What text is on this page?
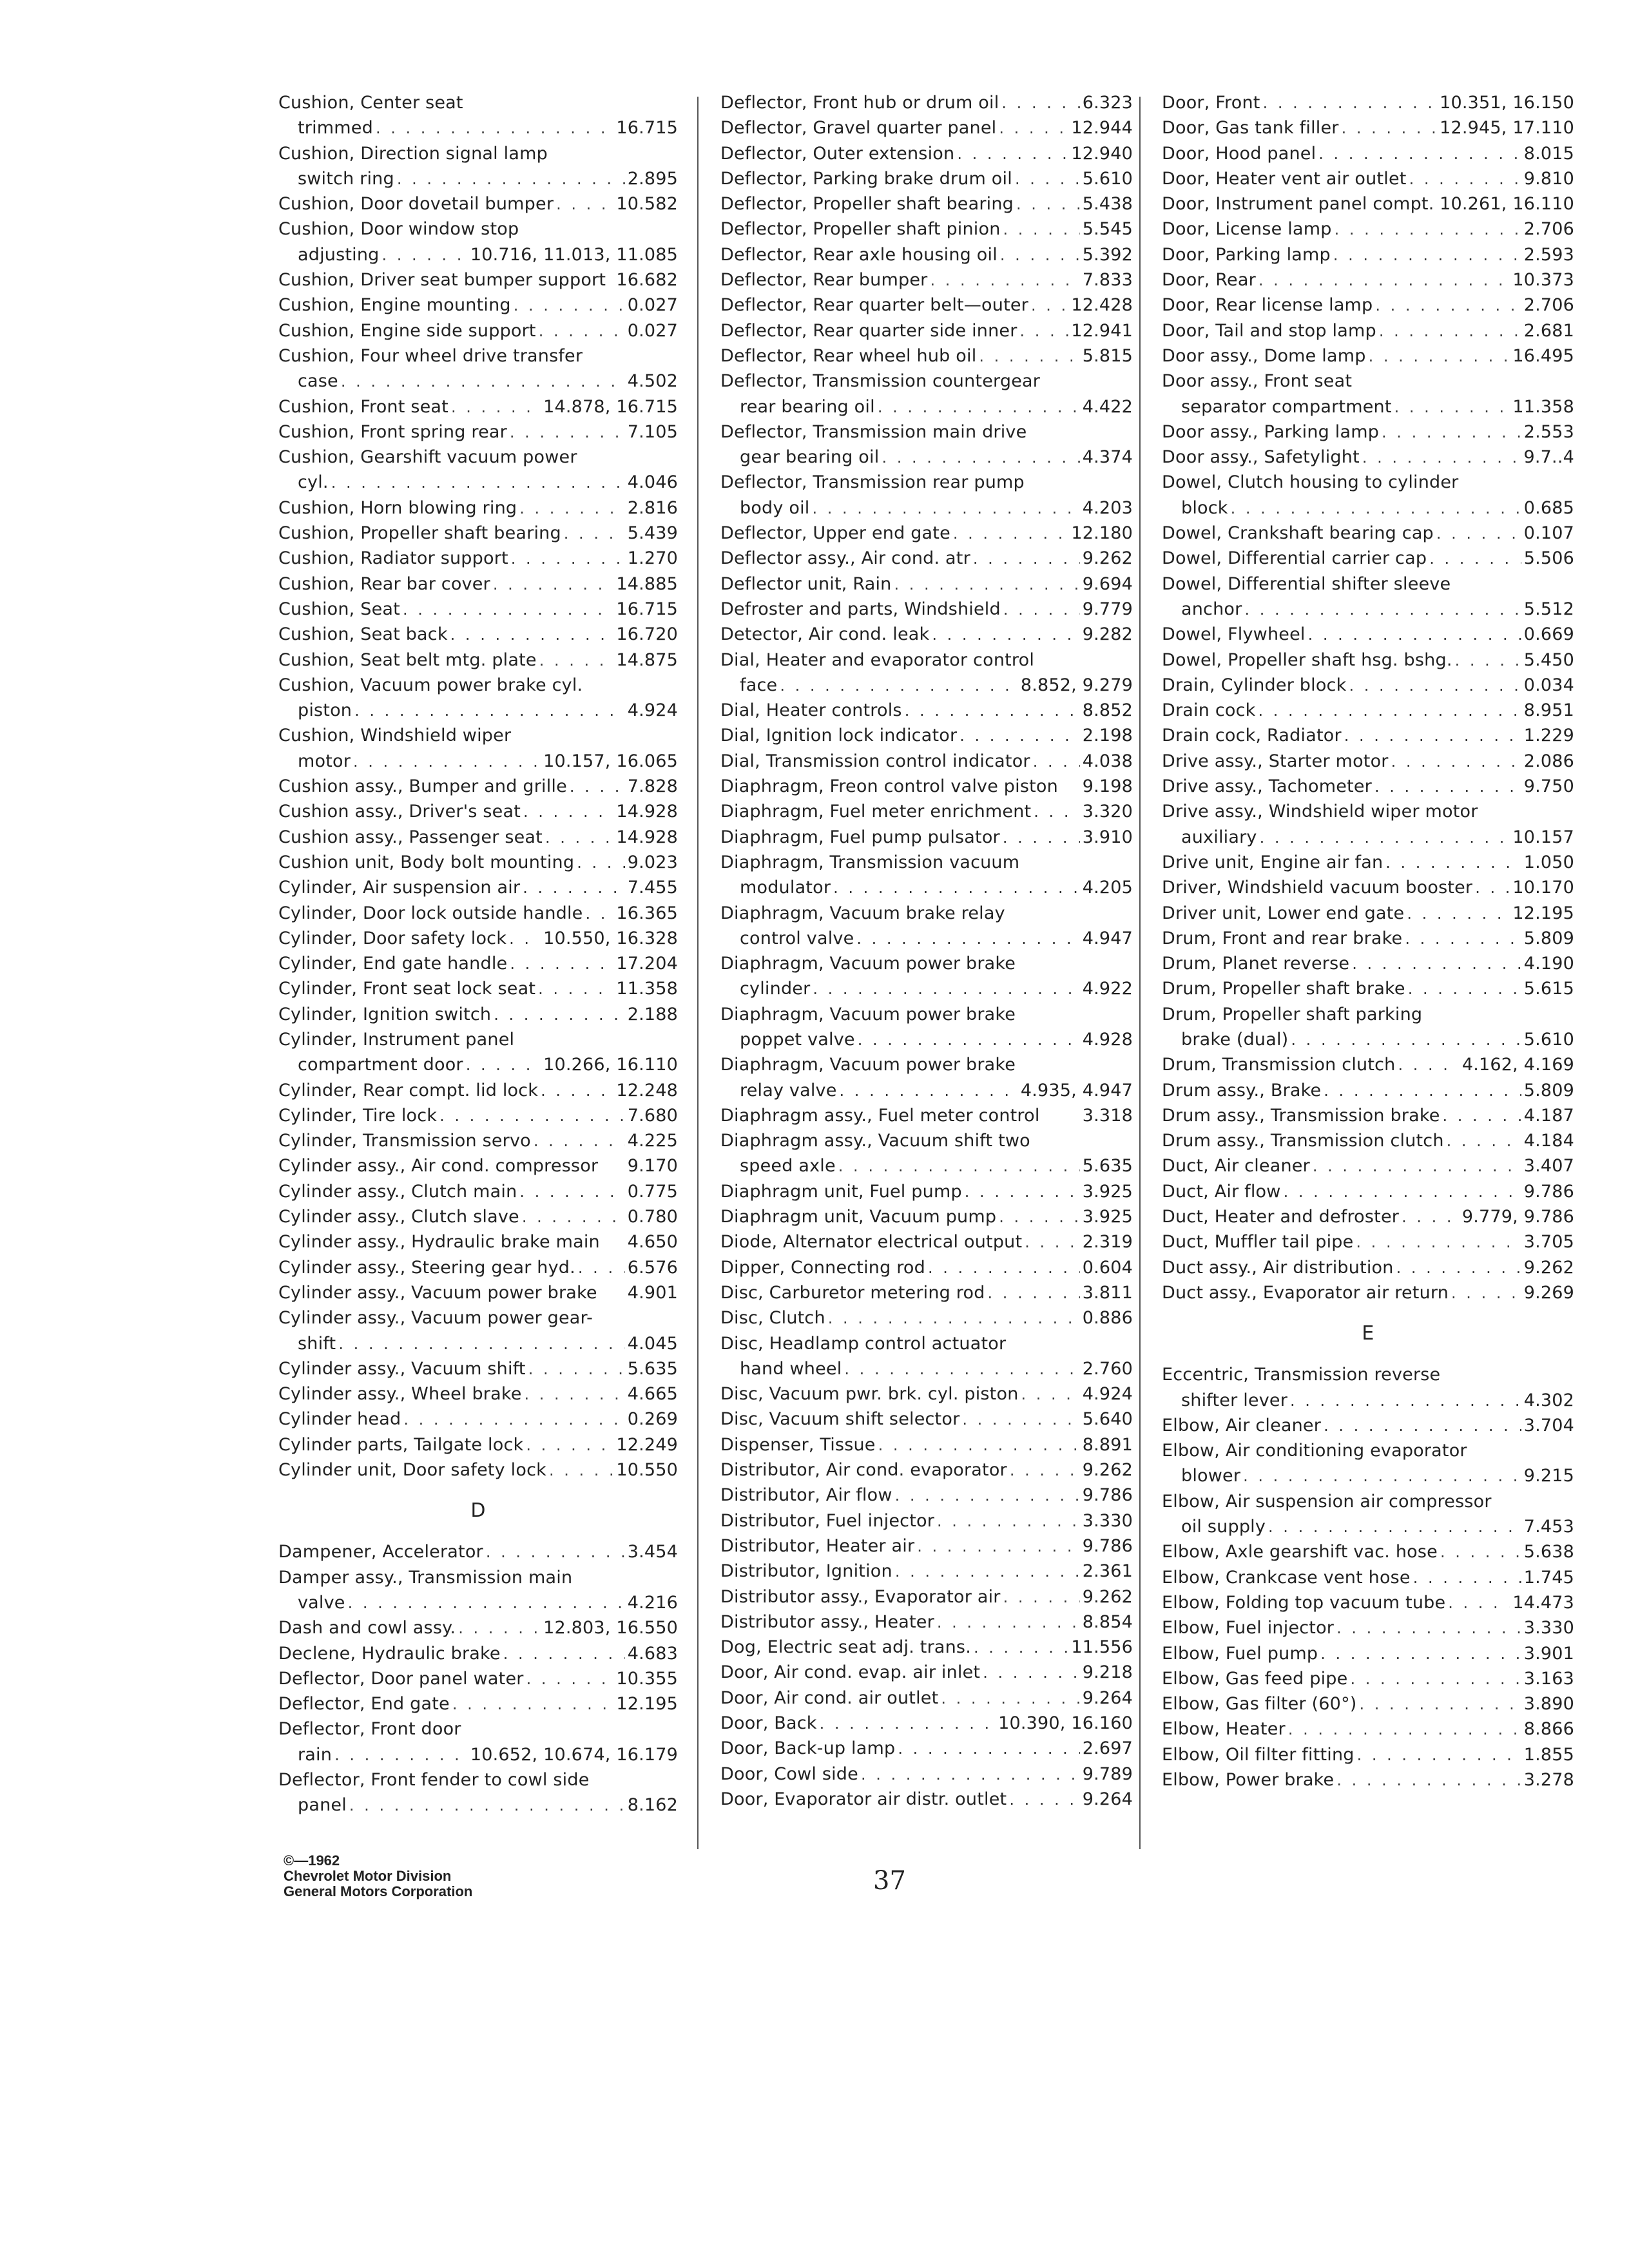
Cushion, Center seat
trimmed . . .	16.715
Cushion, Direction signal lamp
switch ring . . .	2.895
Cushion, Door dovetail bumper . . .	10.582
Cushion, Door window stop
adjusting . . .	10.716, 11.013, 11.085
Cushion, Driver seat bumper support 16.682
Cushion, Engine mounting . . .	0.027
Cushion, Engine side support . . .	0.027
Cushion, Four wheel drive transfer
case . . .	4.502
Cushion, Front seat . . .	14.878, 16.715
Cushion, Front spring rear . . .	7.105
Cushion, Gearshift vacuum power
cyl. . . .	4.046
Cushion, Horn blowing ring . . .	2.816
Cushion, Propeller shaft bearing . . .	5.439
Cushion, Radiator support . . .	1.270
Cushion, Rear bar cover . . .	14.885
Cushion, Seat . . .	16.715
Cushion, Seat back . . .	16.720
Cushion, Seat belt mtg. plate . . .	14.875
Cushion, Vacuum power brake cyl.
piston . . .	4.924
Cushion, Windshield wiper
motor . . .	10.157, 16.065
Cushion assy., Bumper and grille . . .	7.828
Cushion assy., Driver's seat . . .	14.928
Cushion assy., Passenger seat . . .	14.928
Cushion unit, Body bolt mounting . . .	9.023
Cylinder, Air suspension air . . .	7.455
Cylinder, Door lock outside handle . . . 16.365
Cylinder, Door safety lock . . . 10.550, 16.328
Cylinder, End gate handle . . .	17.204
Cylinder, Front seat lock seat . . .	11.358
Cylinder, Ignition switch . . .	2.188
Cylinder, Instrument panel
compartment door . . .	10.266, 16.110
Cylinder, Rear compt. lid lock . . .	12.248
Cylinder, Tire lock . . .	7.680
Cylinder, Transmission servo . . .	4.225
Cylinder assy., Air cond. compressor 9.170
Cylinder assy., Clutch main . . .	0.775
Cylinder assy., Clutch slave . . .	0.780
Cylinder assy., Hydraulic brake main 4.650
Cylinder assy., Steering gear hyd. . . .	6.576
Cylinder assy., Vacuum power brake 4.901
Cylinder assy., Vacuum power gear-
shift . . .	4.045
Cylinder assy., Vacuum shift . . .	5.635
Cylinder assy., Wheel brake . . .	4.665
Cylinder head . . .	0.269
Cylinder parts, Tailgate lock . . .	12.249
Cylinder unit, Door safety lock . . .	10.550
D
Dampener, Accelerator . . .	3.454
Damper assy., Transmission main
valve . . .	4.216
Dash and cowl assy. . . .	12.803, 16.550
Declene, Hydraulic brake . . .	4.683
Deflector, Door panel water . . .	10.355
Deflector, End gate . . .	12.195
Deflector, Front door
rain . . .	10.652, 10.674, 16.179
Deflector, Front fender to cowl side
panel . . .	8.162
Deflector, Front hub or drum oil . . .	6.323
Deflector, Gravel quarter panel . . .	12.944
Deflector, Outer extension . . .	12.940
Deflector, Parking brake drum oil . . .	5.610
Deflector, Propeller shaft bearing . . .	5.438
Deflector, Propeller shaft pinion . . .	5.545
Deflector, Rear axle housing oil . . .	5.392
Deflector, Rear bumper . . .	7.833
Deflector, Rear quarter belt—outer . . . 12.428
Deflector, Rear quarter side inner . . .	12.941
Deflector, Rear wheel hub oil . . .	5.815
Deflector, Transmission countergear
rear bearing oil . . .	4.422
Deflector, Transmission main drive
gear bearing oil . . .	4.374
Deflector, Transmission rear pump
body oil . . .	4.203
Deflector, Upper end gate . . .	12.180
Deflector assy., Air cond. atr . . .	9.262
Deflector unit, Rain . . .	9.694
Defroster and parts, Windshield . . .	9.779
Detector, Air cond. leak . . .	9.282
Dial, Heater and evaporator control
face . . .	8.852, 9.279
Dial, Heater controls . . .	8.852
Dial, Ignition lock indicator . . .	2.198
Dial, Transmission control indicator . . .	4.038
Diaphragm, Freon control valve piston 9.198
Diaphragm, Fuel meter enrichment . . .	3.320
Diaphragm, Fuel pump pulsator . . .	3.910
Diaphragm, Transmission vacuum
modulator . . .	4.205
Diaphragm, Vacuum brake relay
control valve . . .	4.947
Diaphragm, Vacuum power brake
cylinder . . .	4.922
Diaphragm, Vacuum power brake
poppet valve . . .	4.928
Diaphragm, Vacuum power brake
relay valve . . .	4.935, 4.947
Diaphragm assy., Fuel meter control 3.318
Diaphragm assy., Vacuum shift two
speed axle . . .	5.635
Diaphragm unit, Fuel pump . . .	3.925
Diaphragm unit, Vacuum pump . . .	3.925
Diode, Alternator electrical output . . .	2.319
Dipper, Connecting rod . . .	0.604
Disc, Carburetor metering rod . . .	3.811
Disc, Clutch . . .	0.886
Disc, Headlamp control actuator
hand wheel . . .	2.760
Disc, Vacuum pwr. brk. cyl. piston . . .	4.924
Disc, Vacuum shift selector . . .	5.640
Dispenser, Tissue . . .	8.891
Distributor, Air cond. evaporator . . .	9.262
Distributor, Air flow . . .	9.786
Distributor, Fuel injector . . .	3.330
Distributor, Heater air . . .	9.786
Distributor, Ignition . . .	2.361
Distributor assy., Evaporator air . . .	9.262
Distributor assy., Heater . . .	8.854
Dog, Electric seat adj. trans. . . .	11.556
Door, Air cond. evap. air inlet . . .	9.218
Door, Air cond. air outlet . . .	9.264
Door, Back . . .	10.390, 16.160
Door, Back-up lamp . . .	2.697
Door, Cowl side . . .	9.789
Door, Evaporator air distr. outlet . . .	9.264
Door, Front . . .	10.351, 16.150
Door, Gas tank filler . . .	12.945, 17.110
Door, Hood panel . . .	8.015
Door, Heater vent air outlet . . .	9.810
Door, Instrument panel compt. 10.261, 16.110
Door, License lamp . . .	2.706
Door, Parking lamp . . .	2.593
Door, Rear . . .	10.373
Door, Rear license lamp . . .	2.706
Door, Tail and stop lamp . . .	2.681
Door assy., Dome lamp . . .	16.495
Door assy., Front seat
separator compartment . . .	11.358
Door assy., Parking lamp . . .	2.553
Door assy., Safetylight . . .	9.7..4
Dowel, Clutch housing to cylinder
block . . .	0.685
Dowel, Crankshaft bearing cap . . .	0.107
Dowel, Differential carrier cap . . .	5.506
Dowel, Differential shifter sleeve
anchor . . .	5.512
Dowel, Flywheel . . .	0.669
Dowel, Propeller shaft hsg. bshg. . . .	5.450
Drain, Cylinder block . . .	0.034
Drain cock . . .	8.951
Drain cock, Radiator . . .	1.229
Drive assy., Starter motor . . .	2.086
Drive assy., Tachometer . . .	9.750
Drive assy., Windshield wiper motor
auxiliary . . .	10.157
Drive unit, Engine air fan . . .	1.050
Driver, Windshield vacuum booster . . . 10.170
Driver unit, Lower end gate . . .	12.195
Drum, Front and rear brake . . .	5.809
Drum, Planet reverse . . .	4.190
Drum, Propeller shaft brake . . .	5.615
Drum, Propeller shaft parking
brake (dual) . . .	5.610
Drum, Transmission clutch . . .	4.162, 4.169
Drum assy., Brake . . .	5.809
Drum assy., Transmission brake . . .	4.187
Drum assy., Transmission clutch . . .	4.184
Duct, Air cleaner . . .	3.407
Duct, Air flow . . .	9.786
Duct, Heater and defroster . . .	9.779, 9.786
Duct, Muffler tail pipe . . .	3.705
Duct assy., Air distribution . . .	9.262
Duct assy., Evaporator air return . . .	9.269
E
Eccentric, Transmission reverse
shifter lever . . .	4.302
Elbow, Air cleaner . . .	3.704
Elbow, Air conditioning evaporator
blower . . .	9.215
Elbow, Air suspension air compressor
oil supply . . .	7.453
Elbow, Axle gearshift vac. hose . . .	5.638
Elbow, Crankcase vent hose . . .	1.745
Elbow, Folding top vacuum tube . . .	14.473
Elbow, Fuel injector . . .	3.330
Elbow, Fuel pump . . .	3.901
Elbow, Gas feed pipe . . .	3.163
Elbow, Gas filter (60°) . . .	3.890
Elbow, Heater . . .	8.866
Elbow, Oil filter fitting . . .	1.855
Elbow, Power brake . . .	3.278
©—1962
Chevrolet Motor Division
General Motors Corporation	37
